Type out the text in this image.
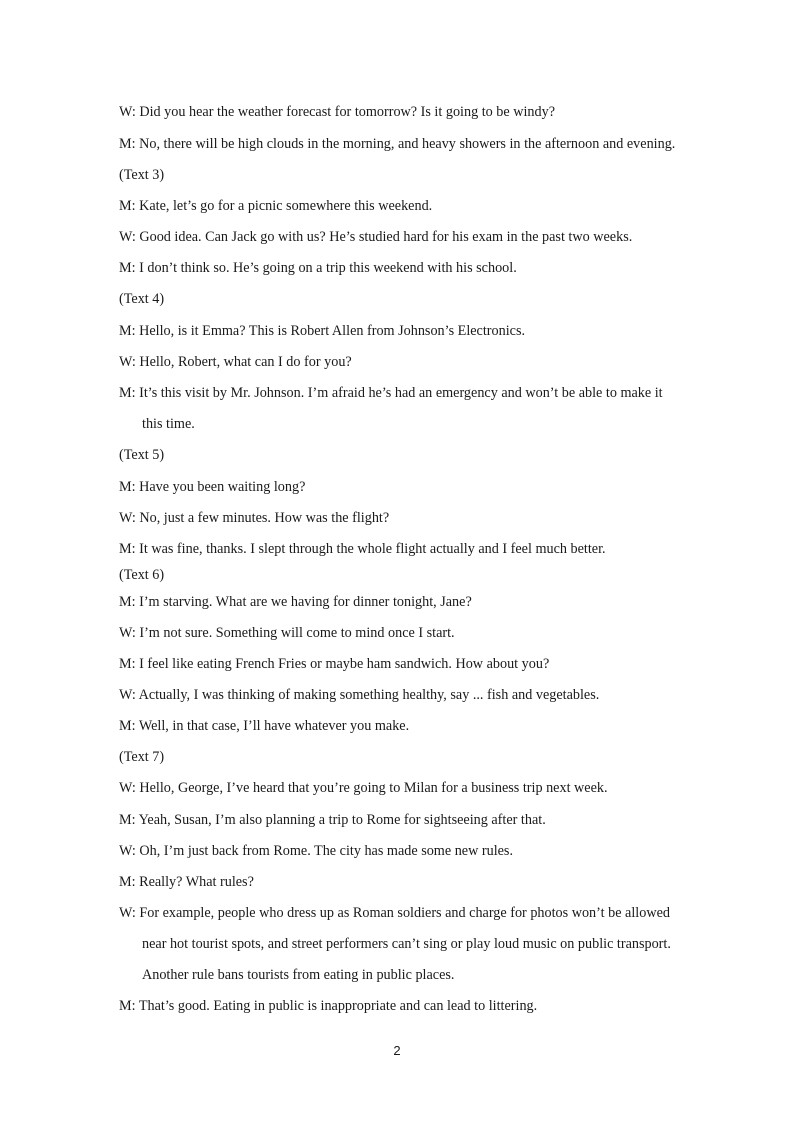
W: Did you hear the weather forecast for tomorrow? Is it going to be windy?
M: No, there will be high clouds in the morning, and heavy showers in the afternoon and evening.
(Text 3)
M: Kate, let’s go for a picnic somewhere this weekend.
W: Good idea. Can Jack go with us? He’s studied hard for his exam in the past two weeks.
M: I don’t think so. He’s going on a trip this weekend with his school.
(Text 4)
M: Hello, is it Emma? This is Robert Allen from Johnson’s Electronics.
W: Hello, Robert, what can I do for you?
M: It’s this visit by Mr. Johnson. I’m afraid he’s had an emergency and won’t be able to make it
this time.
(Text 5)
M: Have you been waiting long?
W: No, just a few minutes. How was the flight?
M: It was fine, thanks. I slept through the whole flight actually and I feel much better.
(Text 6)
M: I’m starving. What are we having for dinner tonight, Jane?
W: I’m not sure. Something will come to mind once I start.
M: I feel like eating French Fries or maybe ham sandwich. How about you?
W: Actually, I was thinking of making something healthy, say ... fish and vegetables.
M: Well, in that case, I’ll have whatever you make.
(Text 7)
W: Hello, George, I’ve heard that you’re going to Milan for a business trip next week.
M: Yeah, Susan, I’m also planning a trip to Rome for sightseeing after that.
W: Oh, I’m just back from Rome. The city has made some new rules.
M: Really? What rules?
W: For example, people who dress up as Roman soldiers and charge for photos won’t be allowed
near hot tourist spots, and street performers can’t sing or play loud music on public transport.
Another rule bans tourists from eating in public places.
M: That’s good. Eating in public is inappropriate and can lead to littering.
2
